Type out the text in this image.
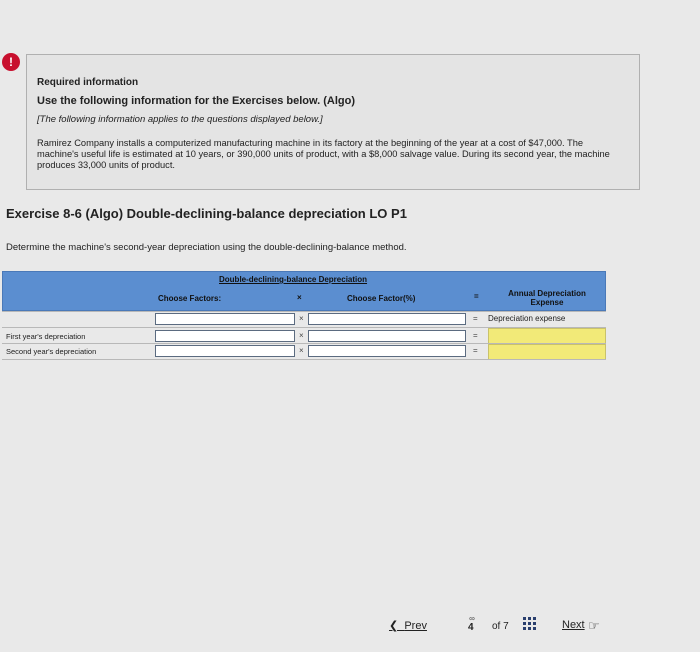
!
Required information
Use the following information for the Exercises below. (Algo)
[The following information applies to the questions displayed below.]
Ramirez Company installs a computerized manufacturing machine in its factory at the beginning of the year at a cost of $47,000. The machine's useful life is estimated at 10 years, or 390,000 units of product, with a $8,000 salvage value. During its second year, the machine produces 33,000 units of product.
Exercise 8-6 (Algo) Double-declining-balance depreciation LO P1
Determine the machine's second-year depreciation using the double-declining-balance method.
Double-declining-balance Depreciation
Choose Factors:	×	Choose Factor(%)	=	Annual Depreciation Expense
×	= Depreciation expense
First year's depreciation	×	=
Second year's depreciation	×	=
❮  Prev
∞
4 of 7	Next ☞
